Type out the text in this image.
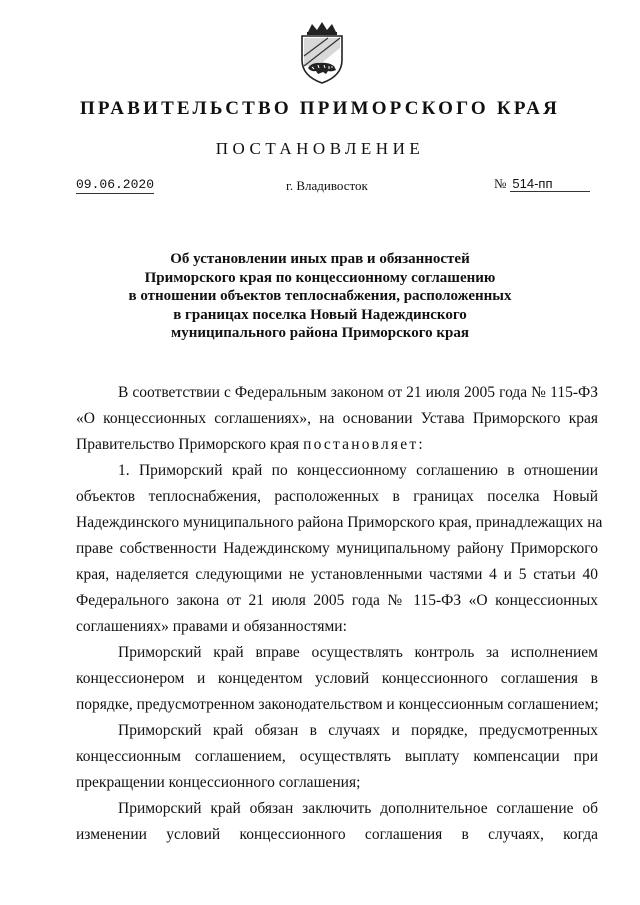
ПРАВИТЕЛЬСТВО ПРИМОРСКОГО КРАЯ
ПОСТАНОВЛЕНИЕ
09.06.2020	г. Владивосток	№ 514-пп
Об установлении иных прав и обязанностей
Приморского края по концессионному соглашению
в отношении объектов теплоснабжения, расположенных
в границах поселка Новый Надеждинского
муниципального района Приморского края
В соответствии с Федеральным законом от 21 июля 2005 года № 115-ФЗ
«О концессионных соглашениях», на основании Устава Приморского края
Правительство Приморского края постановляет:
1. Приморский край по концессионному соглашению в отношении
объектов теплоснабжения, расположенных в границах поселка Новый
Надеждинского муниципального района Приморского края, принадлежащих на
праве собственности Надеждинскому муниципальному району Приморского
края, наделяется следующими не установленными частями 4 и 5 статьи 40
Федерального закона от 21 июля 2005 года № 115-ФЗ «О концессионных
соглашениях» правами и обязанностями:
Приморский край вправе осуществлять контроль за исполнением
концессионером и концедентом условий концессионного соглашения в
порядке, предусмотренном законодательством и концессионным соглашением;
Приморский край обязан в случаях и порядке, предусмотренных
концессионным соглашением, осуществлять выплату компенсации при
прекращении концессионного соглашения;
Приморский край обязан заключить дополнительное соглашение об
изменении условий концессионного соглашения в случаях, когда
